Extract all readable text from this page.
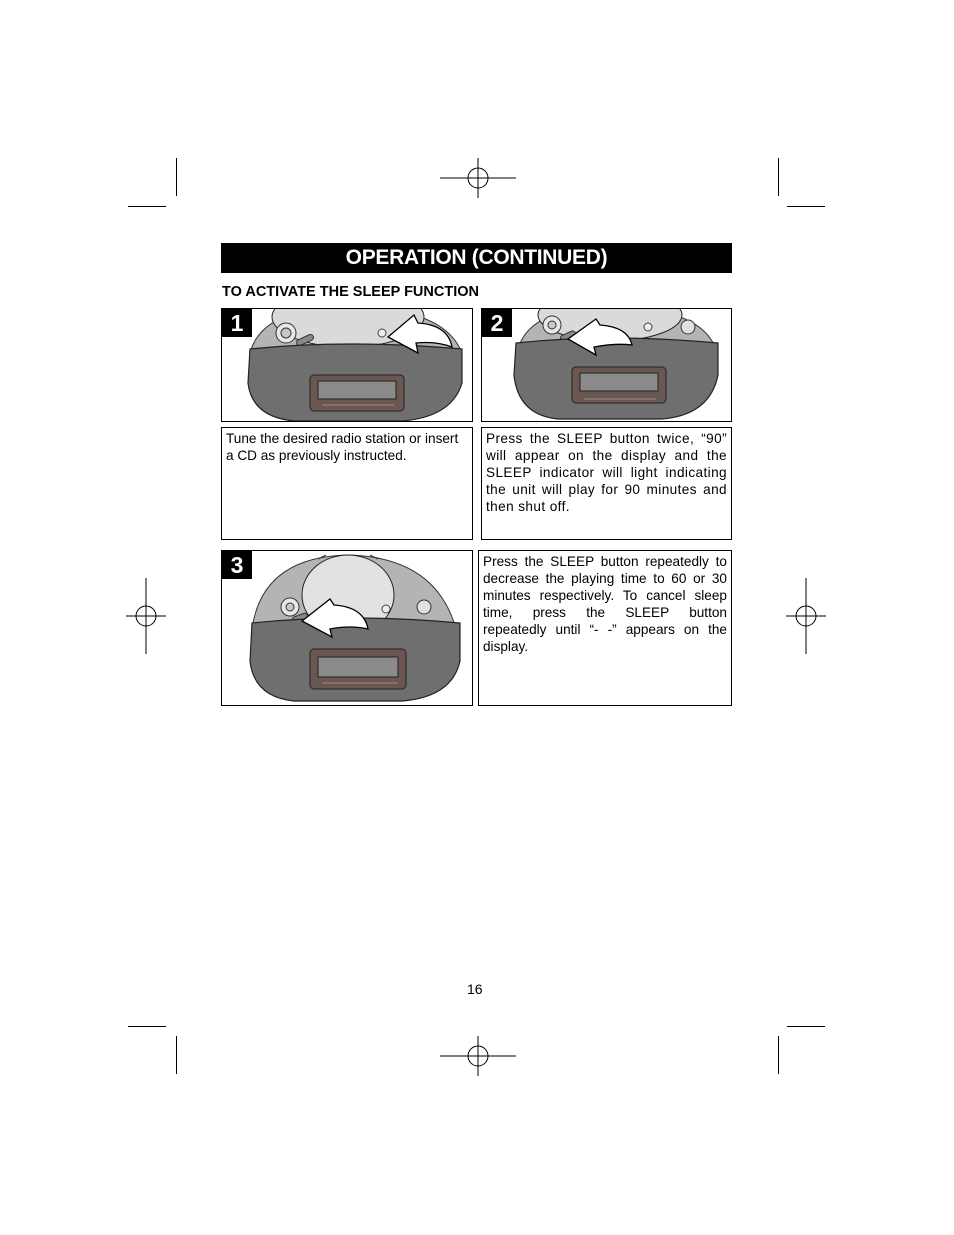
OPERATION (CONTINUED)
TO ACTIVATE THE SLEEP FUNCTION
1	2
Tune the desired radio station or insert a CD as previously instructed.
Press the SLEEP button twice, “90” will appear on the display and the SLEEP indicator will light indicating the unit will play for 90 minutes and then shut off.
3	Press the SLEEP button repeatedly to decrease the playing time to 60 or 30 minutes respectively. To cancel sleep time, press the SLEEP button repeatedly until “- -” appears on the display.
16
